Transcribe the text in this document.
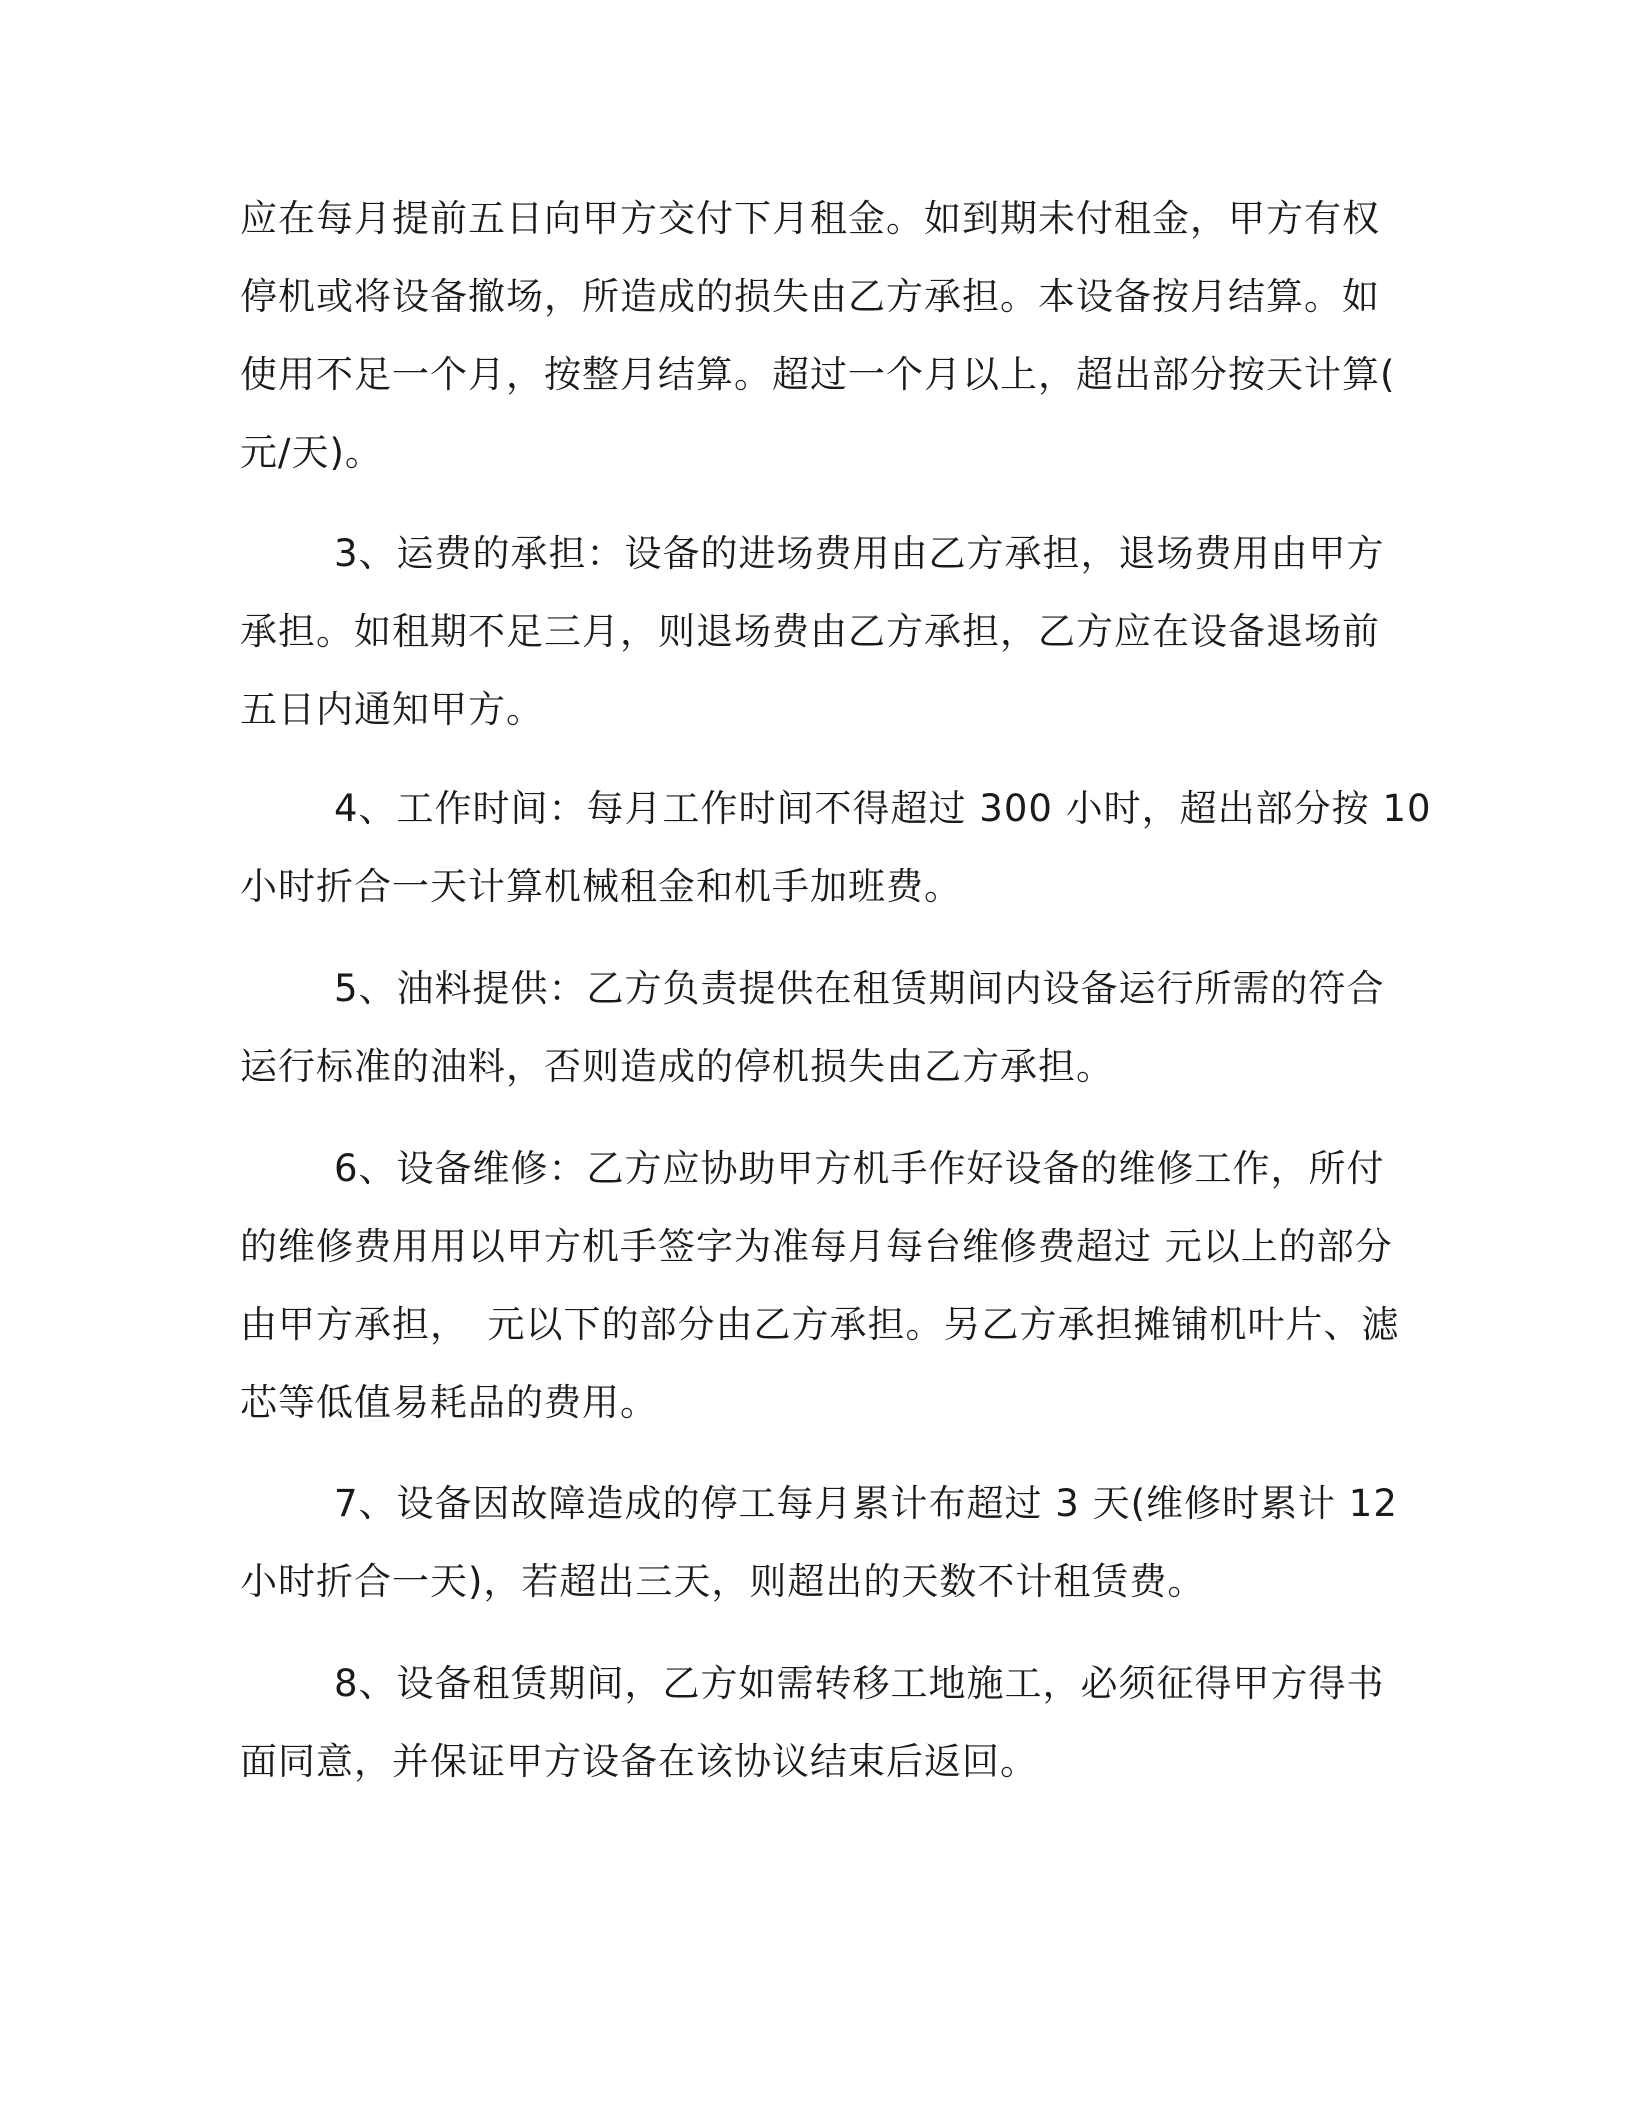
应在每月提前五日向甲方交付下月租金。如到期未付租金，甲方有权
停机或将设备撤场，所造成的损失由乙方承担。本设备按月结算。如
使用不足一个月，按整月结算。超过一个月以上，超出部分按天计算(
元/天)。
3、运费的承担：设备的进场费用由乙方承担，退场费用由甲方
承担。如租期不足三月，则退场费由乙方承担，乙方应在设备退场前
五日内通知甲方。
4、工作时间：每月工作时间不得超过 300 小时，超出部分按 10
小时折合一天计算机械租金和机手加班费。
5、油料提供：乙方负责提供在租赁期间内设备运行所需的符合
运行标准的油料，否则造成的停机损失由乙方承担。
6、设备维修：乙方应协助甲方机手作好设备的维修工作，所付
的维修费用用以甲方机手签字为准每月每台维修费超过 元以上的部分
由甲方承担，　元以下的部分由乙方承担。另乙方承担摊铺机叶片、滤
芯等低值易耗品的费用。
7、设备因故障造成的停工每月累计布超过 3 天(维修时累计 12
小时折合一天)，若超出三天，则超出的天数不计租赁费。
8、设备租赁期间，乙方如需转移工地施工，必须征得甲方得书
面同意，并保证甲方设备在该协议结束后返回。
